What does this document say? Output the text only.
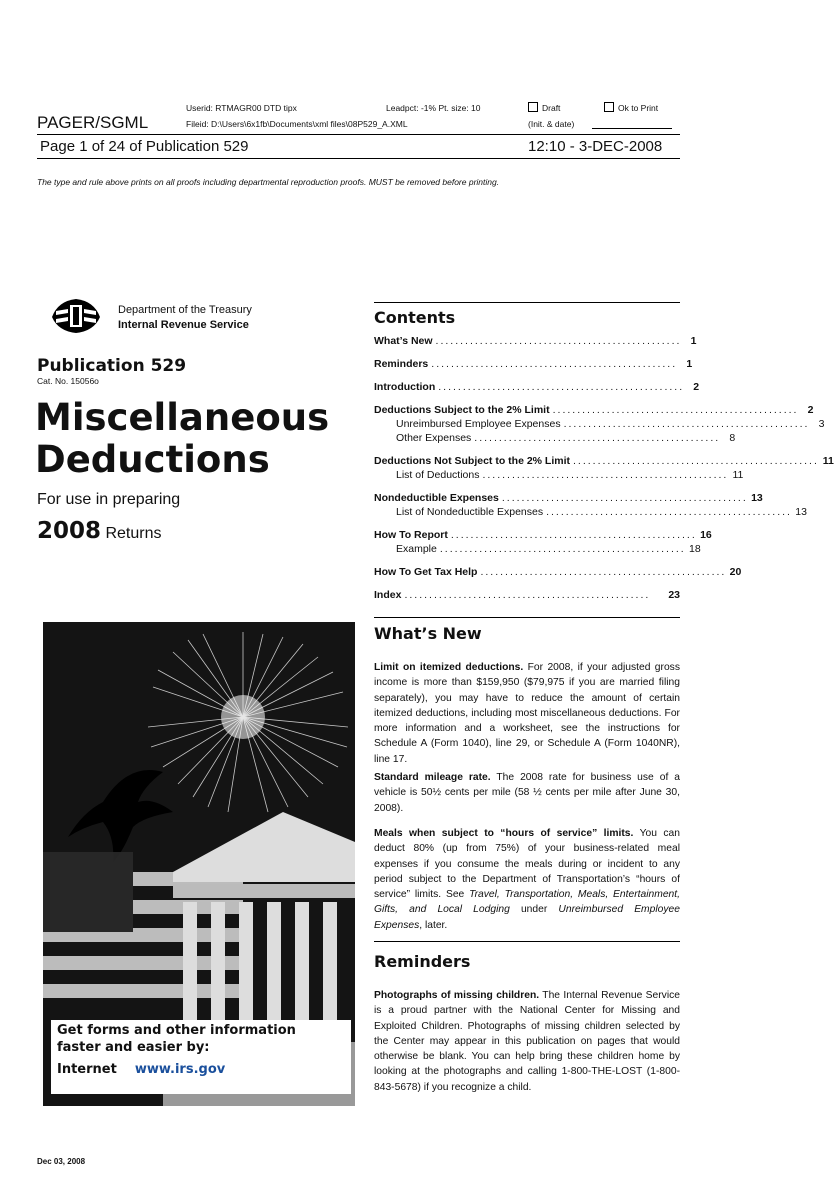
Userid: RTMAGR00 DTD tipx	Leadpct: -1% Pt. size: 10	Draft	Ok to Print
PAGER/SGML	Fileid: D:\Users\6x1fb\Documents\xml files\08P529_A.XML	(Init. & date)
Page 1 of 24 of Publication 529	12:10 - 3-DEC-2008
The type and rule above prints on all proofs including departmental reproduction proofs. MUST be removed before printing.
Department of the Treasury
Internal Revenue Service
Publication 529
Cat. No. 15056o
Miscellaneous
Deductions
For use in preparing
2008 Returns
Get forms and other information
faster and easier by:
Internet www.irs.gov
Contents
What’s New .................................................. 1
Reminders .................................................. 1
Introduction .................................................. 2
Deductions Subject to the 2% Limit .................................................. 2
Unreimbursed Employee Expenses .................................................. 3
Other Expenses .................................................. 8
Deductions Not Subject to the 2% Limit .................................................. 11
List of Deductions .................................................. 11
Nondeductible Expenses .................................................. 13
List of Nondeductible Expenses .................................................. 13
How To Report .................................................. 16
Example .................................................. 18
How To Get Tax Help .................................................. 20
Index ..................................................	23
What’s New
Limit on itemized deductions. For 2008, if your adjusted gross income is more than $159,950 ($79,975 if you are married filing separately), you may have to reduce the amount of certain itemized deductions, including most miscellaneous deductions. For more information and a worksheet, see the instructions for Schedule A (Form 1040), line 29, or Schedule A (Form 1040NR), line 17.
Standard mileage rate. The 2008 rate for business use of a vehicle is 50½ cents per mile (58 ½ cents per mile after June 30, 2008).
Meals when subject to “hours of service” limits. You can deduct 80% (up from 75%) of your business-related meal expenses if you consume the meals during or incident to any period subject to the Department of Transportation’s “hours of service” limits. See Travel, Transportation, Meals, Entertainment, Gifts, and Local Lodging under Unreimbursed Employee Expenses, later.
Reminders
Photographs of missing children. The Internal Revenue Service is a proud partner with the National Center for Missing and Exploited Children. Photographs of missing children selected by the Center may appear in this publication on pages that would otherwise be blank. You can help bring these children home by looking at the photographs and calling 1-800-THE-LOST (1-800-843-5678) if you recognize a child.
Dec 03, 2008
